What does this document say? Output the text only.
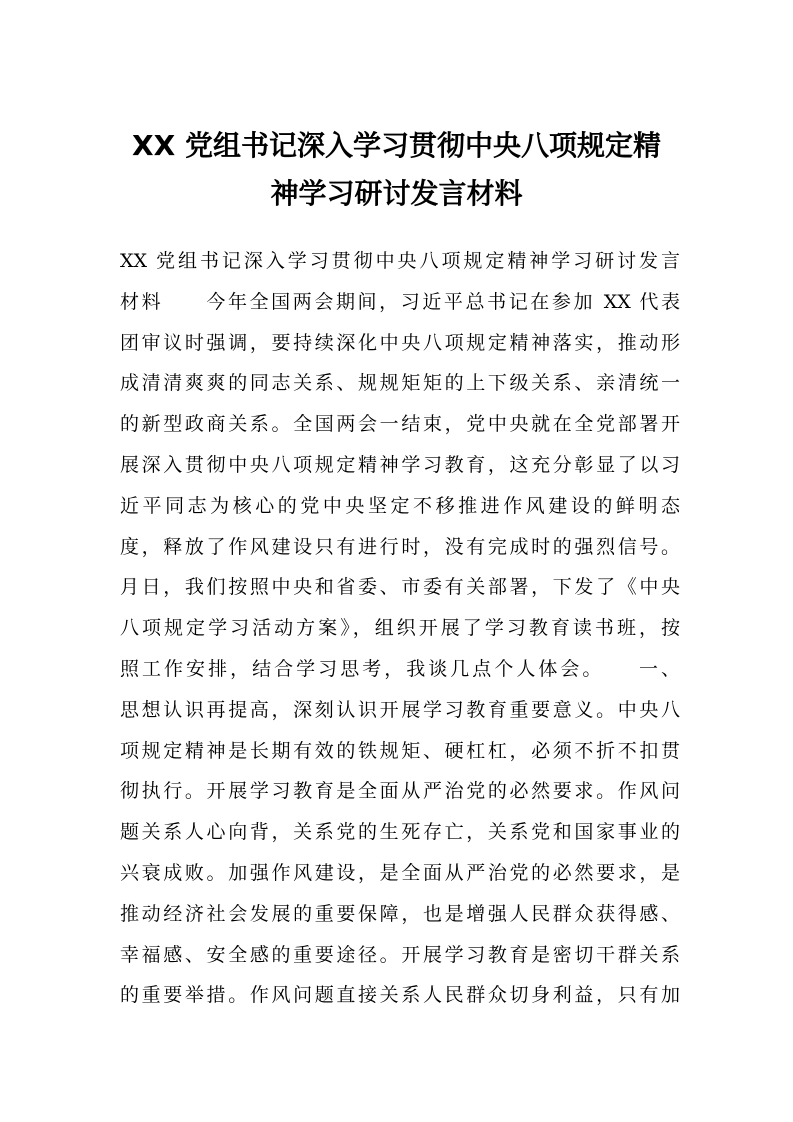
XX 党组书记深入学习贯彻中央八项规定精
神学习研讨发言材料
XX 党组书记深入学习贯彻中央八项规定精神学习研讨发言
材料　　今年全国两会期间，习近平总书记在参加 XX 代表
团审议时强调，要持续深化中央八项规定精神落实，推动形
成清清爽爽的同志关系、规规矩矩的上下级关系、亲清统一
的新型政商关系。全国两会一结束，党中央就在全党部署开
展深入贯彻中央八项规定精神学习教育，这充分彰显了以习
近平同志为核心的党中央坚定不移推进作风建设的鲜明态
度，释放了作风建设只有进行时，没有完成时的强烈信号。
月日，我们按照中央和省委、市委有关部署，下发了《中央
八项规定学习活动方案》，组织开展了学习教育读书班，按
照工作安排，结合学习思考，我谈几点个人体会。　　一、
思想认识再提高，深刻认识开展学习教育重要意义。中央八
项规定精神是长期有效的铁规矩、硬杠杠，必须不折不扣贯
彻执行。开展学习教育是全面从严治党的必然要求。作风问
题关系人心向背，关系党的生死存亡，关系党和国家事业的
兴衰成败。加强作风建设，是全面从严治党的必然要求，是
推动经济社会发展的重要保障，也是增强人民群众获得感、
幸福感、安全感的重要途径。开展学习教育是密切干群关系
的重要举措。作风问题直接关系人民群众切身利益，只有加
